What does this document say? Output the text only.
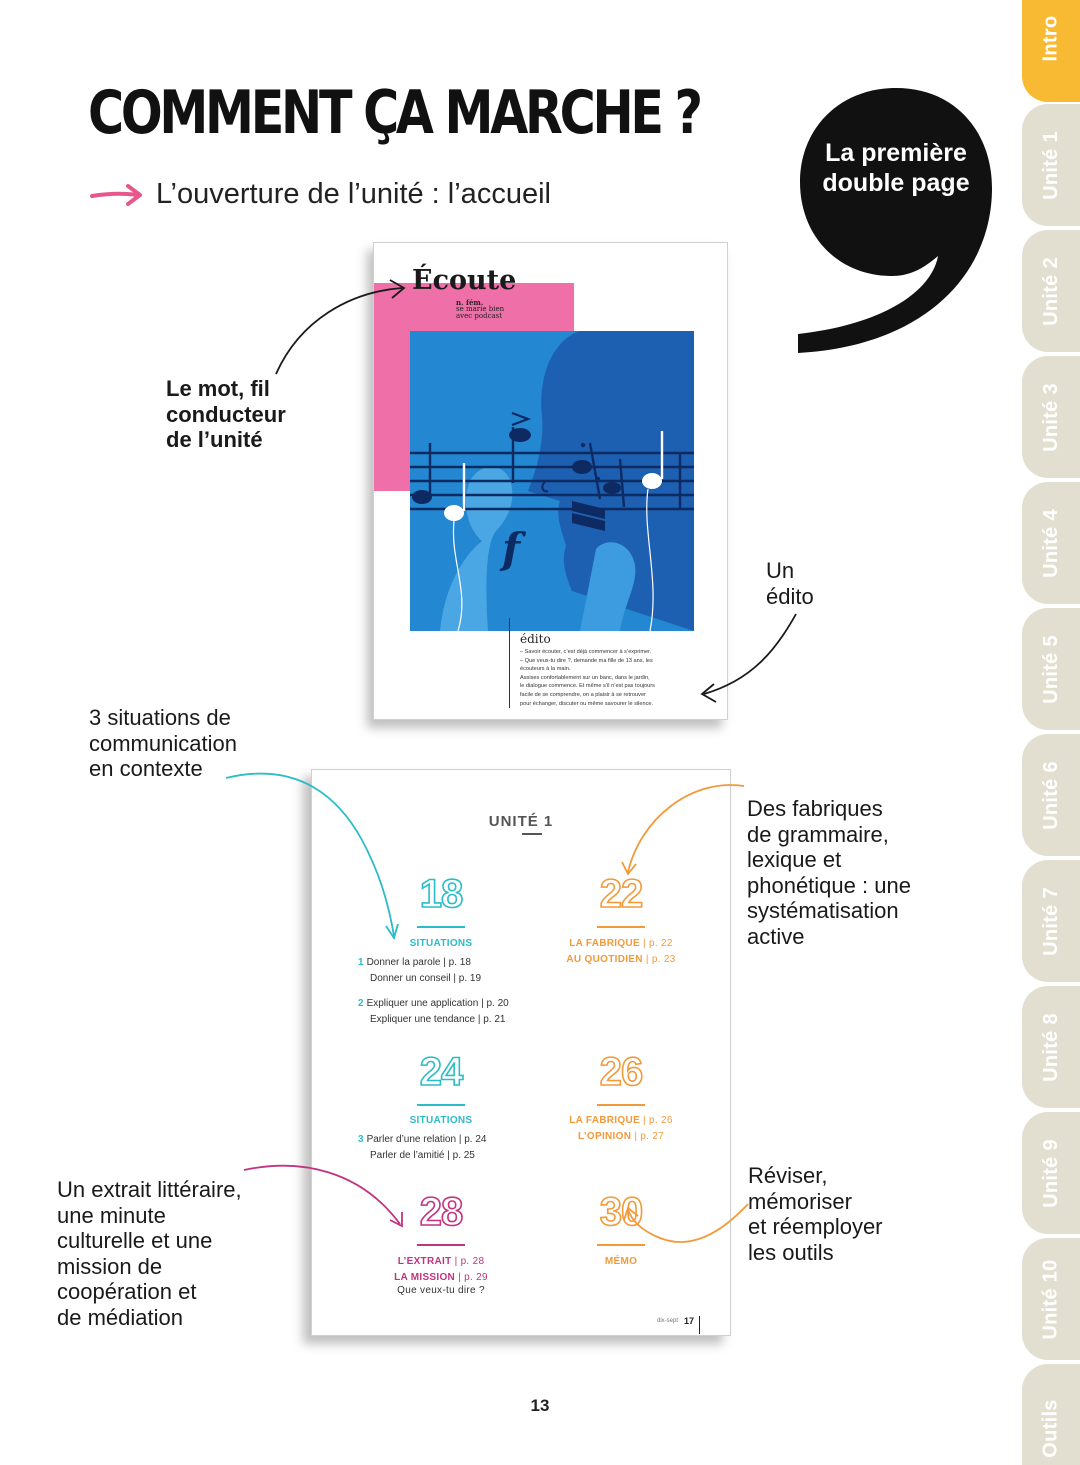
Intro
Unité 1
Unité 2
Unité 3
Unité 4
Unité 5
Unité 6
Unité 7
Unité 8
Unité 9
Unité 10
Outils
COMMENT ÇA MARCHE ?
L’ouverture de l’unité : l’accueil
La première
double page
Le mot, fil
conducteur
de l’unité
Un
édito
3 situations de
communication
en contexte
Des fabriques
de grammaire,
lexique et
phonétique : une
systématisation
active
Un extrait littéraire,
une minute
culturelle et une
mission de
coopération et
de médiation
Réviser,
mémoriser
et réemployer
les outils
Écoute
n. fém.
se marie bien
avec podcast
f
édito
– Savoir écouter, c’est déjà commencer à s’exprimer.
– Que veux-tu dire ?, demande ma fille de 13 ans, les
écouteurs à la main.
Assises confortablement sur un banc, dans le jardin,
le dialogue commence. Et même s’il n’est pas toujours
facile de se comprendre, on a plaisir à se retrouver
pour échanger, discuter ou même savourer le silence.
UNITÉ 1
18
SITUATIONS
1 Donner la parole | p. 18
Donner un conseil | p. 19
2 Expliquer une application | p. 20
Expliquer une tendance | p. 21
22
LA FABRIQUE | p. 22
AU QUOTIDIEN | p. 23
24
SITUATIONS
3 Parler d’une relation | p. 24
Parler de l’amitié | p. 25
26
LA FABRIQUE | p. 26
L’OPINION | p. 27
28
L’EXTRAIT | p. 28
LA MISSION | p. 29
Que veux-tu dire ?
30
MÉMO
dix-sept 17
13
